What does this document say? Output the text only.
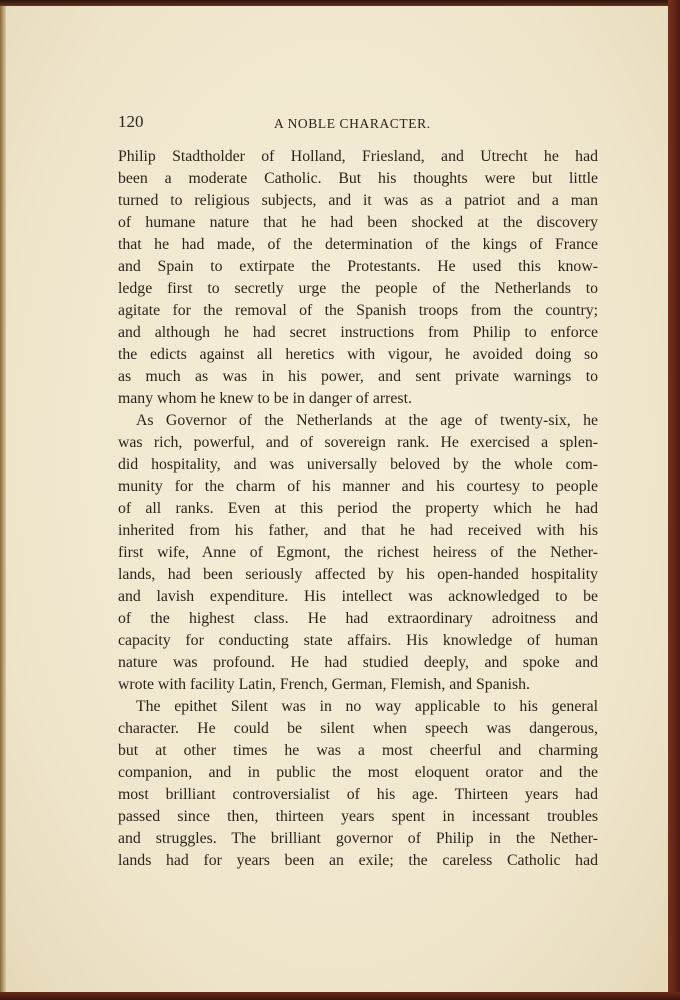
120	A NOBLE CHARACTER.
Philip Stadtholder of Holland, Friesland, and Utrecht he had
been a moderate Catholic. But his thoughts were but little
turned to religious subjects, and it was as a patriot and a man
of humane nature that he had been shocked at the discovery
that he had made, of the determination of the kings of France
and Spain to extirpate the Protestants. He used this know-
ledge first to secretly urge the people of the Netherlands to
agitate for the removal of the Spanish troops from the country;
and although he had secret instructions from Philip to enforce
the edicts against all heretics with vigour, he avoided doing so
as much as was in his power, and sent private warnings to
many whom he knew to be in danger of arrest.
As Governor of the Netherlands at the age of twenty-six, he
was rich, powerful, and of sovereign rank. He exercised a splen-
did hospitality, and was universally beloved by the whole com-
munity for the charm of his manner and his courtesy to people
of all ranks. Even at this period the property which he had
inherited from his father, and that he had received with his
first wife, Anne of Egmont, the richest heiress of the Nether-
lands, had been seriously affected by his open-handed hospitality
and lavish expenditure. His intellect was acknowledged to be
of the highest class. He had extraordinary adroitness and
capacity for conducting state affairs. His knowledge of human
nature was profound. He had studied deeply, and spoke and
wrote with facility Latin, French, German, Flemish, and Spanish.
The epithet Silent was in no way applicable to his general
character. He could be silent when speech was dangerous,
but at other times he was a most cheerful and charming
companion, and in public the most eloquent orator and the
most brilliant controversialist of his age. Thirteen years had
passed since then, thirteen years spent in incessant troubles
and struggles. The brilliant governor of Philip in the Nether-
lands had for years been an exile; the careless Catholic had
